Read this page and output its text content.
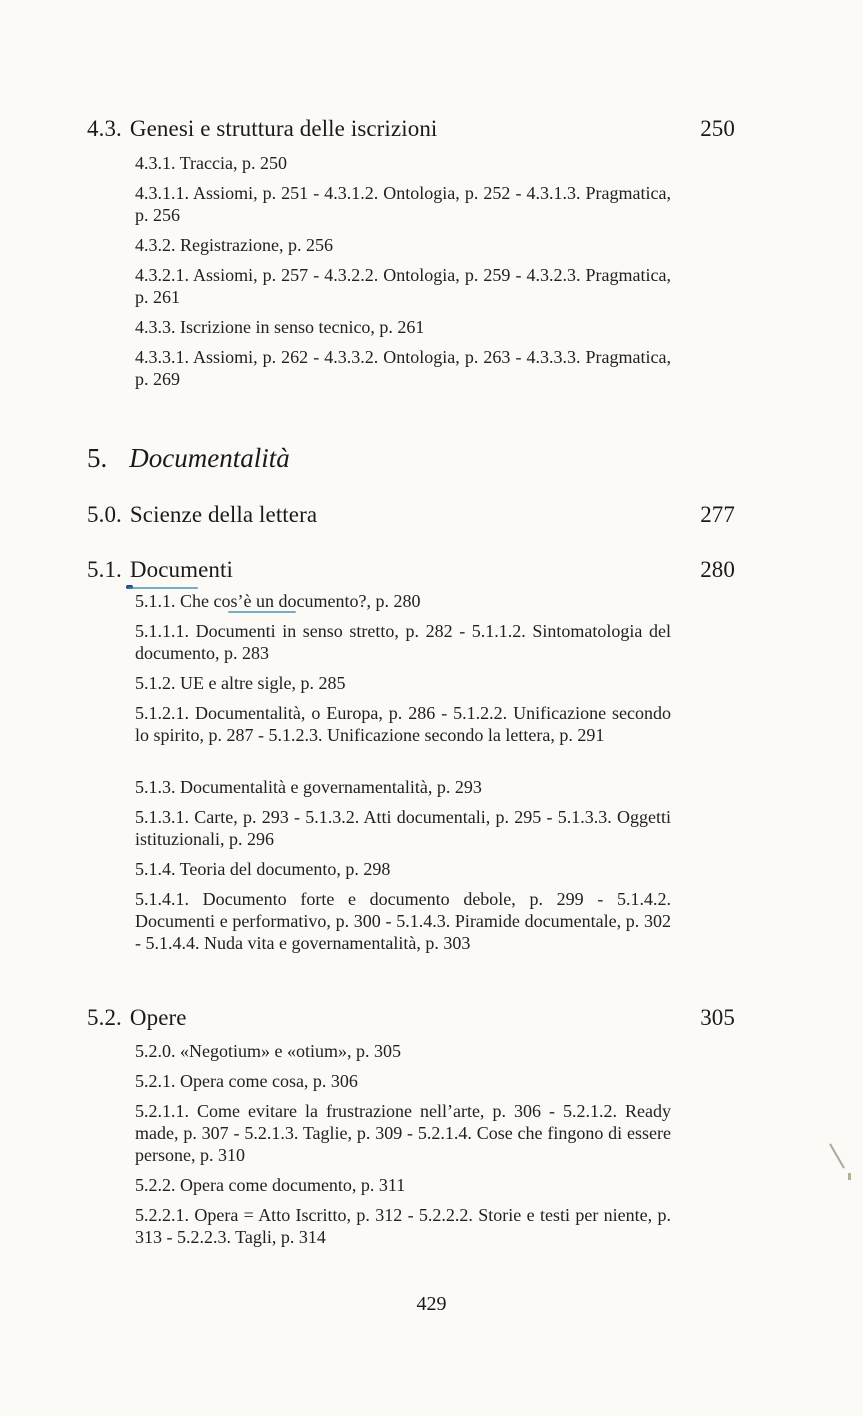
4.3. Genesi e struttura delle iscrizioni	250
4.3.1. Traccia, p. 250
4.3.1.1. Assiomi, p. 251 - 4.3.1.2. Ontologia, p. 252 - 4.3.1.3. Pragmatica, p. 256
4.3.2. Registrazione, p. 256
4.3.2.1. Assiomi, p. 257 - 4.3.2.2. Ontologia, p. 259 - 4.3.2.3. Pragmatica, p. 261
4.3.3. Iscrizione in senso tecnico, p. 261
4.3.3.1. Assiomi, p. 262 - 4.3.3.2. Ontologia, p. 263 - 4.3.3.3. Pragmatica, p. 269
5. Documentalità
5.0. Scienze della lettera	277
5.1. Documenti	280
5.1.1. Che cos’è un documento?, p. 280
5.1.1.1. Documenti in senso stretto, p. 282 - 5.1.1.2. Sintomatologia del documento, p. 283
5.1.2. UE e altre sigle, p. 285
5.1.2.1. Documentalità, o Europa, p. 286 - 5.1.2.2. Unificazione secondo lo spirito, p. 287 - 5.1.2.3. Unificazione secondo la lettera, p. 291
5.1.3. Documentalità e governamentalità, p. 293
5.1.3.1. Carte, p. 293 - 5.1.3.2. Atti documentali, p. 295 - 5.1.3.3. Oggetti istituzionali, p. 296
5.1.4. Teoria del documento, p. 298
5.1.4.1. Documento forte e documento debole, p. 299 - 5.1.4.2. Documenti e performativo, p. 300 - 5.1.4.3. Piramide documentale, p. 302 - 5.1.4.4. Nuda vita e governamentalità, p. 303
5.2. Opere	305
5.2.0. «Negotium» e «otium», p. 305
5.2.1. Opera come cosa, p. 306
5.2.1.1. Come evitare la frustrazione nell’arte, p. 306 - 5.2.1.2. Ready made, p. 307 - 5.2.1.3. Taglie, p. 309 - 5.2.1.4. Cose che fingono di essere persone, p. 310
5.2.2. Opera come documento, p. 311
5.2.2.1. Opera = Atto Iscritto, p. 312 - 5.2.2.2. Storie e testi per niente, p. 313 - 5.2.2.3. Tagli, p. 314
429
